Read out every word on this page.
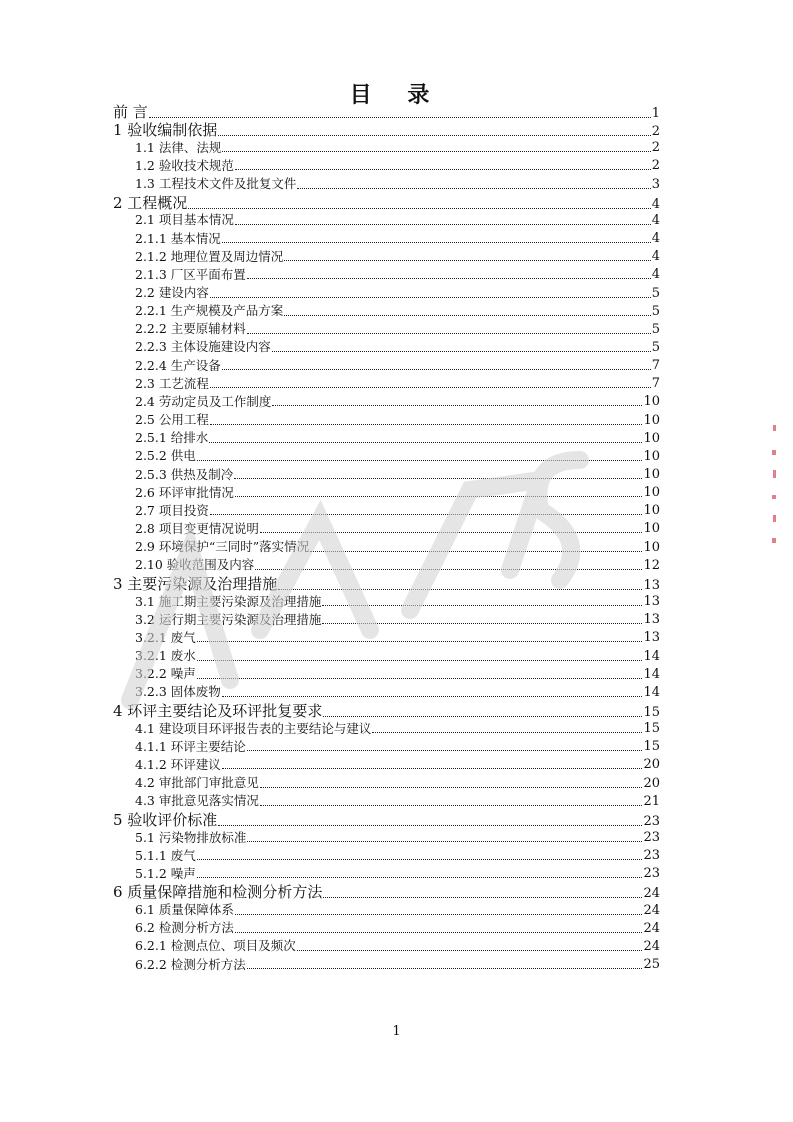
目 录
前 言	1
1 验收编制依据	2
1.1 法律、法规	2
1.2 验收技术规范	2
1.3 工程技术文件及批复文件	3
2 工程概况	4
2.1 项目基本情况	4
2.1.1 基本情况	4
2.1.2 地理位置及周边情况	4
2.1.3 厂区平面布置	4
2.2 建设内容	5
2.2.1 生产规模及产品方案	5
2.2.2 主要原辅材料	5
2.2.3 主体设施建设内容	5
2.2.4 生产设备	7
2.3 工艺流程	7
2.4 劳动定员及工作制度	10
2.5 公用工程	10
2.5.1 给排水	10
2.5.2 供电	10
2.5.3 供热及制冷	10
2.6 环评审批情况	10
2.7 项目投资	10
2.8 项目变更情况说明	10
2.9 环境保护“三同时”落实情况	10
2.10 验收范围及内容	12
3 主要污染源及治理措施	13
3.1 施工期主要污染源及治理措施	13
3.2 运行期主要污染源及治理措施	13
3.2.1 废气	13
3.2.1 废水	14
3.2.2 噪声	14
3.2.3 固体废物	14
4 环评主要结论及环评批复要求	15
4.1 建设项目环评报告表的主要结论与建议	15
4.1.1 环评主要结论	15
4.1.2 环评建议	20
4.2 审批部门审批意见	20
4.3 审批意见落实情况	21
5 验收评价标准	23
5.1 污染物排放标准	23
5.1.1 废气	23
5.1.2 噪声	23
6 质量保障措施和检测分析方法	24
6.1 质量保障体系	24
6.2 检测分析方法	24
6.2.1 检测点位、项目及频次	24
6.2.2 检测分析方法	25
1
